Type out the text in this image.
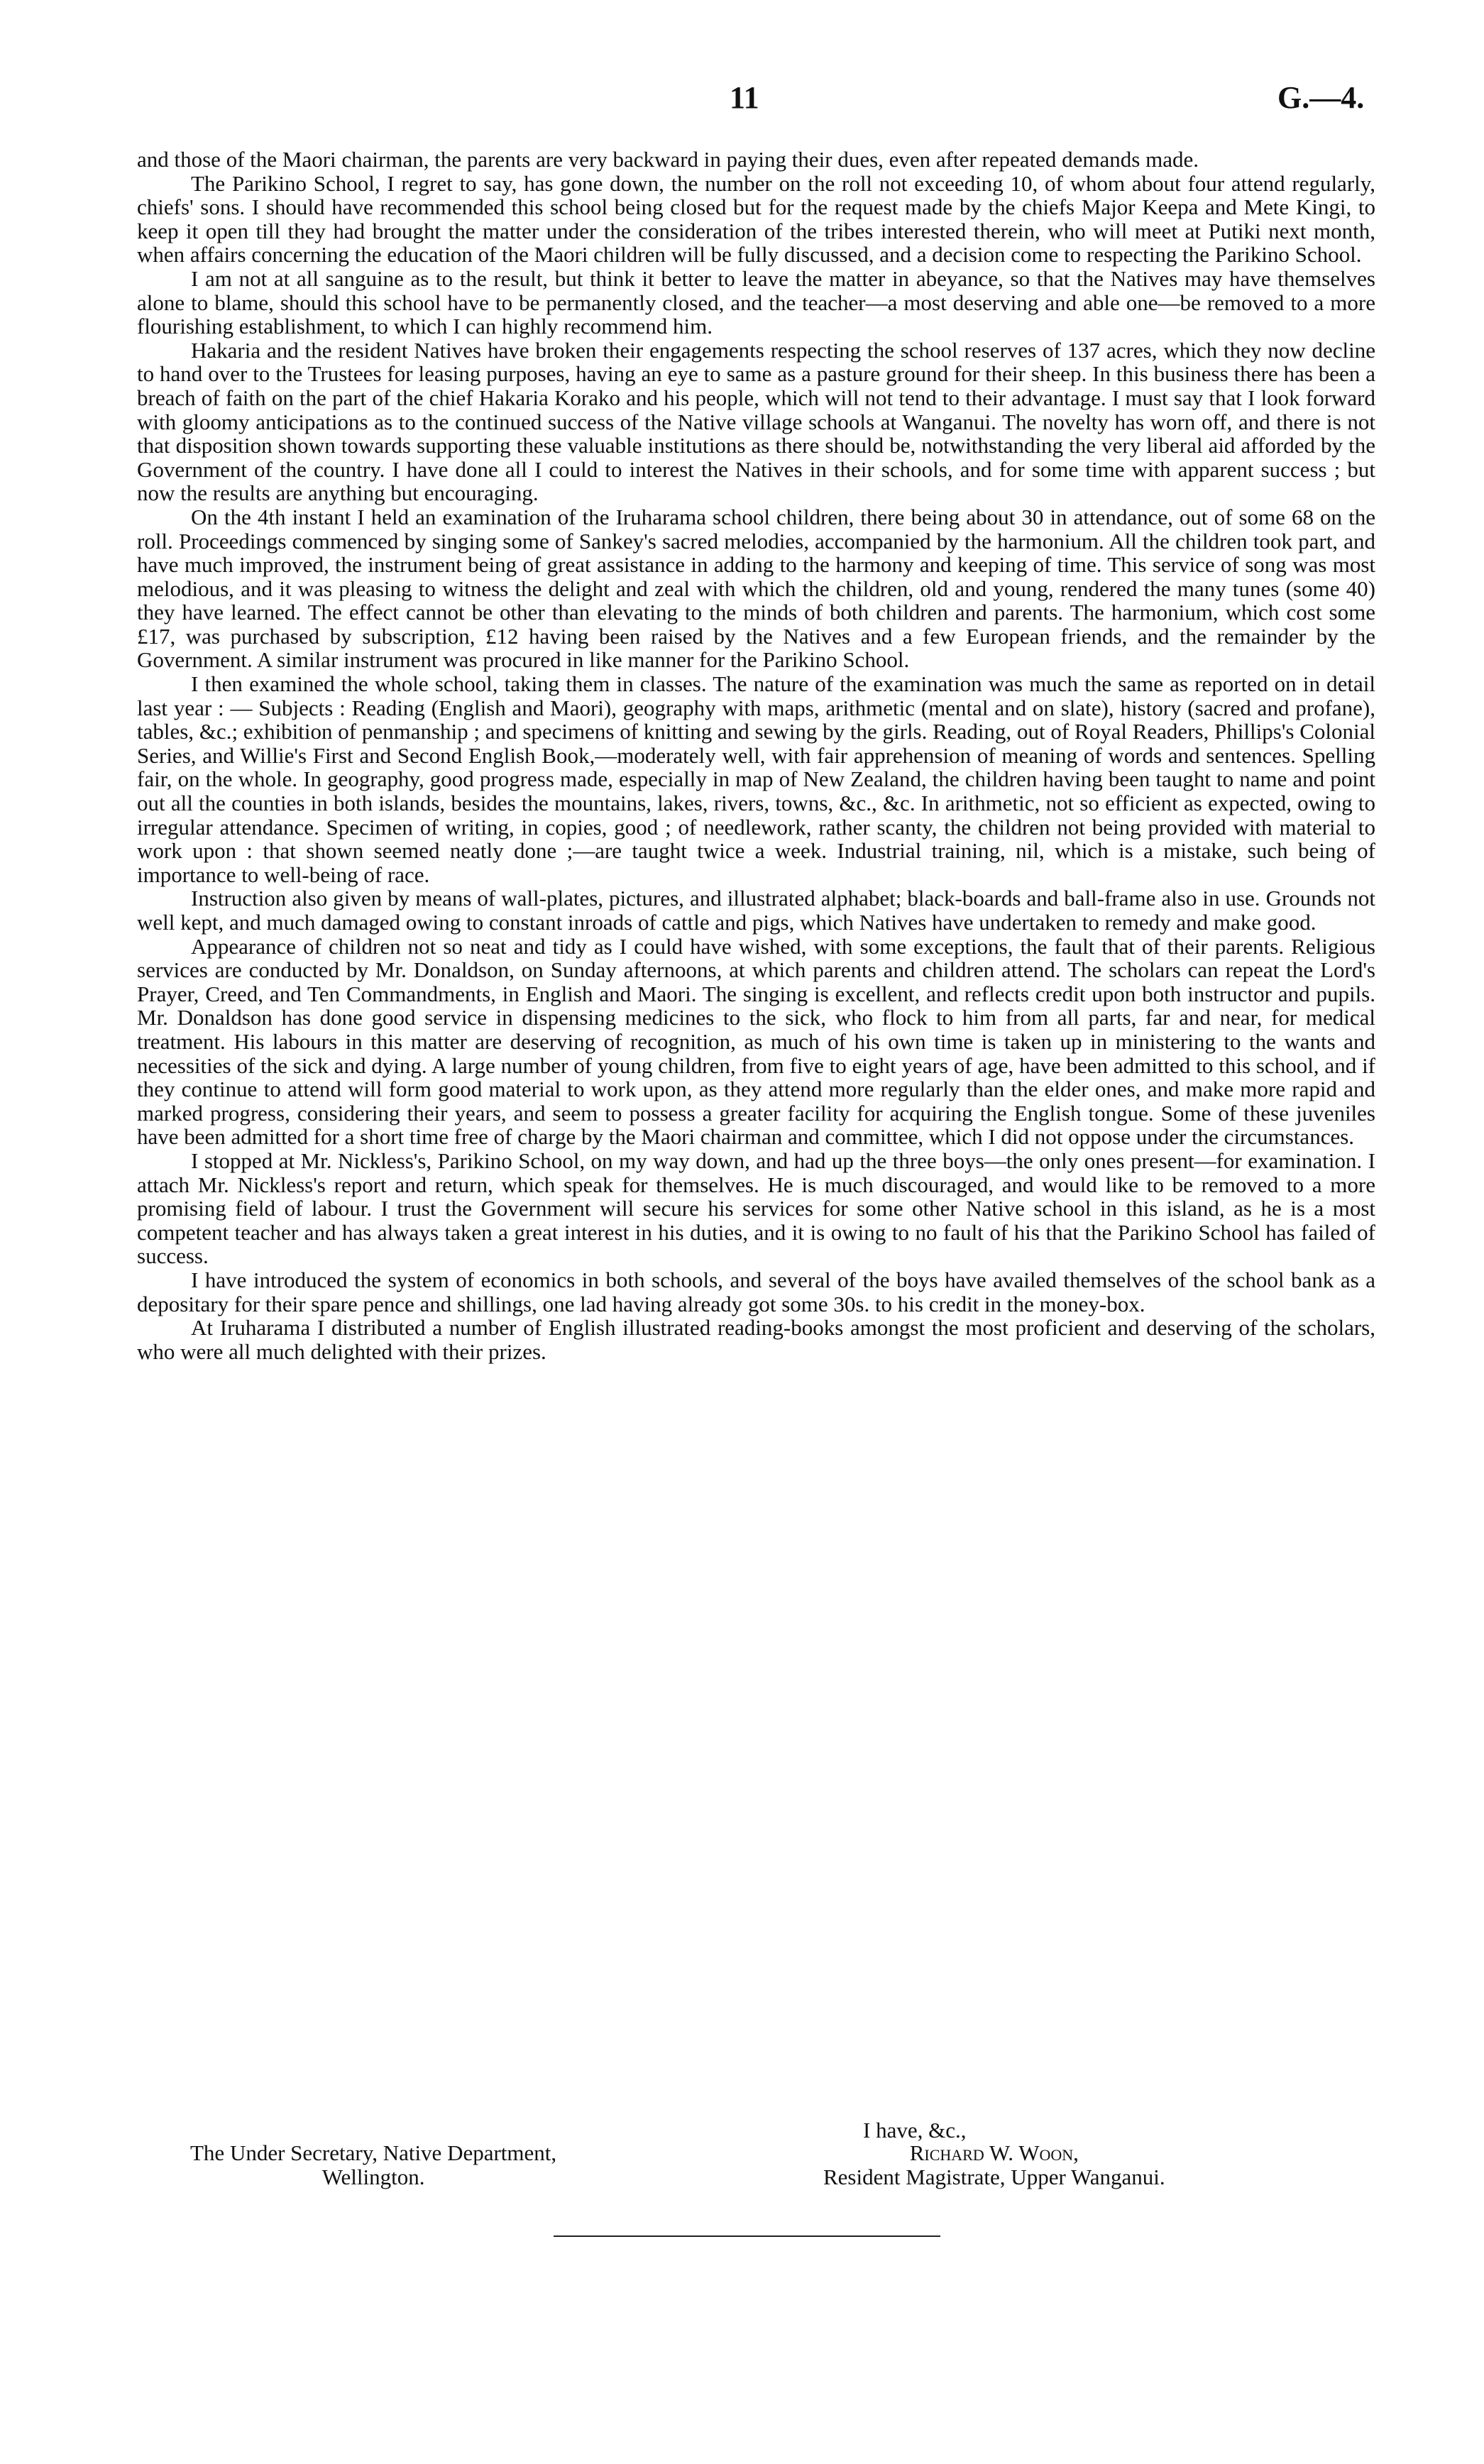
11	G.—4.

and those of the Maori chairman, the parents are very backward in paying their dues, even after repeated demands made.

The Parikino School, I regret to say, has gone down, the number on the roll not exceeding 10, of whom about four attend regularly, chiefs' sons. I should have recommended this school being closed but for the request made by the chiefs Major Keepa and Mete Kingi, to keep it open till they had brought the matter under the consideration of the tribes interested therein, who will meet at Putiki next month, when affairs concerning the education of the Maori children will be fully discussed, and a decision come to respecting the Parikino School.

I am not at all sanguine as to the result, but think it better to leave the matter in abeyance, so that the Natives may have themselves alone to blame, should this school have to be permanently closed, and the teacher—a most deserving and able one—be removed to a more flourishing establishment, to which I can highly recommend him.

Hakaria and the resident Natives have broken their engagements respecting the school reserves of 137 acres, which they now decline to hand over to the Trustees for leasing purposes, having an eye to same as a pasture ground for their sheep. In this business there has been a breach of faith on the part of the chief Hakaria Korako and his people, which will not tend to their advantage. I must say that I look forward with gloomy anticipations as to the continued success of the Native village schools at Wanganui. The novelty has worn off, and there is not that disposition shown towards supporting these valuable institutions as there should be, notwithstanding the very liberal aid afforded by the Government of the country. I have done all I could to interest the Natives in their schools, and for some time with apparent success ; but now the results are anything but encouraging.

On the 4th instant I held an examination of the Iruharama school children, there being about 30 in attendance, out of some 68 on the roll. Proceedings commenced by singing some of Sankey's sacred melodies, accompanied by the harmonium. All the children took part, and have much improved, the instrument being of great assistance in adding to the harmony and keeping of time. This service of song was most melodious, and it was pleasing to witness the delight and zeal with which the children, old and young, rendered the many tunes (some 40) they have learned. The effect cannot be other than elevating to the minds of both children and parents. The harmonium, which cost some £17, was purchased by subscription, £12 having been raised by the Natives and a few European friends, and the remainder by the Government. A similar instrument was procured in like manner for the Parikino School.

I then examined the whole school, taking them in classes. The nature of the examination was much the same as reported on in detail last year : — Subjects : Reading (English and Maori), geography with maps, arithmetic (mental and on slate), history (sacred and profane), tables, &c.; exhibition of penmanship ; and specimens of knitting and sewing by the girls. Reading, out of Royal Readers, Phillips's Colonial Series, and Willie's First and Second English Book,—moderately well, with fair apprehension of meaning of words and sentences. Spelling fair, on the whole. In geography, good progress made, especially in map of New Zealand, the children having been taught to name and point out all the counties in both islands, besides the mountains, lakes, rivers, towns, &c., &c. In arithmetic, not so efficient as expected, owing to irregular attendance. Specimen of writing, in copies, good ; of needlework, rather scanty, the children not being provided with material to work upon : that shown seemed neatly done ;—are taught twice a week. Industrial training, nil, which is a mistake, such being of importance to well-being of race.

Instruction also given by means of wall-plates, pictures, and illustrated alphabet; black-boards and ball-frame also in use. Grounds not well kept, and much damaged owing to constant inroads of cattle and pigs, which Natives have undertaken to remedy and make good.

Appearance of children not so neat and tidy as I could have wished, with some exceptions, the fault that of their parents. Religious services are conducted by Mr. Donaldson, on Sunday afternoons, at which parents and children attend. The scholars can repeat the Lord's Prayer, Creed, and Ten Commandments, in English and Maori. The singing is excellent, and reflects credit upon both instructor and pupils. Mr. Donaldson has done good service in dispensing medicines to the sick, who flock to him from all parts, far and near, for medical treatment. His labours in this matter are deserving of recognition, as much of his own time is taken up in ministering to the wants and necessities of the sick and dying. A large number of young children, from five to eight years of age, have been admitted to this school, and if they continue to attend will form good material to work upon, as they attend more regularly than the elder ones, and make more rapid and marked progress, considering their years, and seem to possess a greater facility for acquiring the English tongue. Some of these juveniles have been admitted for a short time free of charge by the Maori chairman and committee, which I did not oppose under the circumstances.

I stopped at Mr. Nickless's, Parikino School, on my way down, and had up the three boys—the only ones present—for examination. I attach Mr. Nickless's report and return, which speak for themselves. He is much discouraged, and would like to be removed to a more promising field of labour. I trust the Government will secure his services for some other Native school in this island, as he is a most competent teacher and has always taken a great interest in his duties, and it is owing to no fault of his that the Parikino School has failed of success.

I have introduced the system of economics in both schools, and several of the boys have availed themselves of the school bank as a depositary for their spare pence and shillings, one lad having already got some 30s. to his credit in the money-box.

At Iruharama I distributed a number of English illustrated reading-books amongst the most proficient and deserving of the scholars, who were all much delighted with their prizes.

I have, &c.,
The Under Secretary, Native Department,
Wellington.
Richard W. Woon,
Resident Magistrate, Upper Wanganui.
